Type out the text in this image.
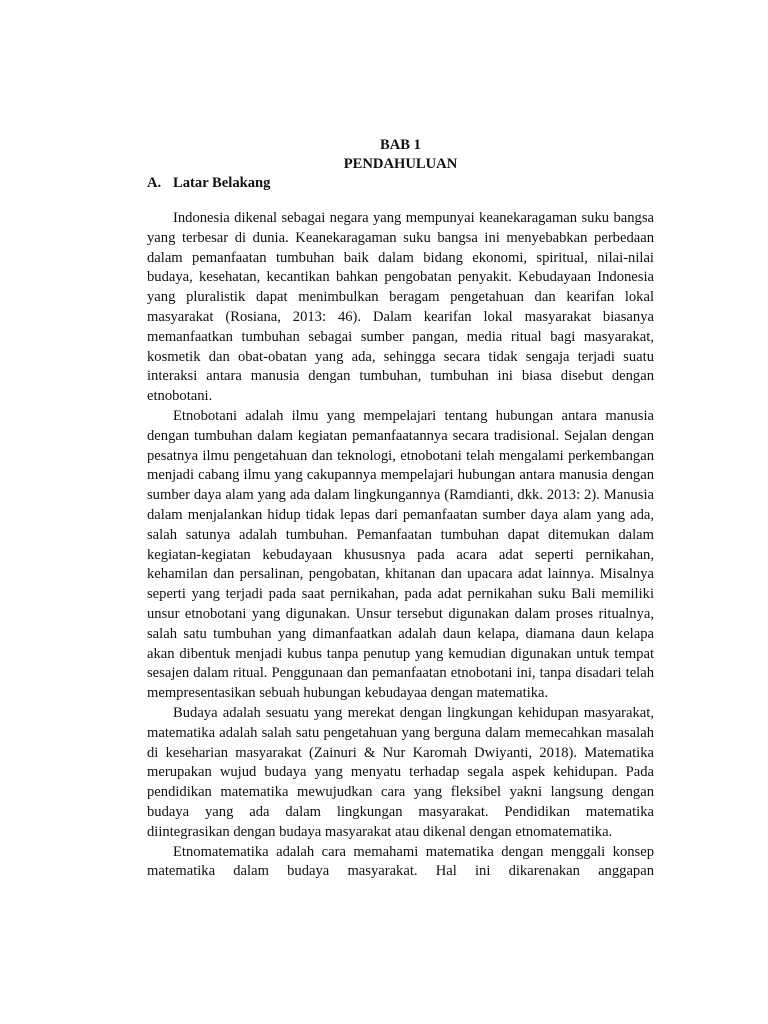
BAB 1

PENDAHULUAN

A. Latar Belakang

Indonesia dikenal sebagai negara yang mempunyai keanekaragaman suku bangsa yang terbesar di dunia. Keanekaragaman suku bangsa ini menyebabkan perbedaan dalam pemanfaatan tumbuhan baik dalam bidang ekonomi, spiritual, nilai-nilai budaya, kesehatan, kecantikan bahkan pengobatan penyakit. Kebudayaan Indonesia yang pluralistik dapat menimbulkan beragam pengetahuan dan kearifan lokal masyarakat (Rosiana, 2013: 46). Dalam kearifan lokal masyarakat biasanya memanfaatkan tumbuhan sebagai sumber pangan, media ritual bagi masyarakat, kosmetik dan obat-obatan yang ada, sehingga secara tidak sengaja terjadi suatu interaksi antara manusia dengan tumbuhan, tumbuhan ini biasa disebut dengan etnobotani.

Etnobotani adalah ilmu yang mempelajari tentang hubungan antara manusia dengan tumbuhan dalam kegiatan pemanfaatannya secara tradisional. Sejalan dengan pesatnya ilmu pengetahuan dan teknologi, etnobotani telah mengalami perkembangan menjadi cabang ilmu yang cakupannya mempelajari hubungan antara manusia dengan sumber daya alam yang ada dalam lingkungannya (Ramdianti, dkk. 2013: 2). Manusia dalam menjalankan hidup tidak lepas dari pemanfaatan sumber daya alam yang ada, salah satunya adalah tumbuhan. Pemanfaatan tumbuhan dapat ditemukan dalam kegiatan-kegiatan kebudayaan khususnya pada acara adat seperti pernikahan, kehamilan dan persalinan, pengobatan, khitanan dan upacara adat lainnya. Misalnya seperti yang terjadi pada saat pernikahan, pada adat pernikahan suku Bali memiliki unsur etnobotani yang digunakan. Unsur tersebut digunakan dalam proses ritualnya, salah satu tumbuhan yang dimanfaatkan adalah daun kelapa, diamana daun kelapa akan dibentuk menjadi kubus tanpa penutup yang kemudian digunakan untuk tempat sesajen dalam ritual. Penggunaan dan pemanfaatan etnobotani ini, tanpa disadari telah mempresentasikan sebuah hubungan kebudayaa dengan matematika.

Budaya adalah sesuatu yang merekat dengan lingkungan kehidupan masyarakat, matematika adalah salah satu pengetahuan yang berguna dalam memecahkan masalah di keseharian masyarakat (Zainuri & Nur Karomah Dwiyanti, 2018). Matematika merupakan wujud budaya yang menyatu terhadap segala aspek kehidupan. Pada pendidikan matematika mewujudkan cara yang fleksibel yakni langsung dengan budaya yang ada dalam lingkungan masyarakat. Pendidikan matematika diintegrasikan dengan budaya masyarakat atau dikenal dengan etnomatematika.

Etnomatematika adalah cara memahami matematika dengan menggali konsep matematika dalam budaya masyarakat. Hal ini dikarenakan anggapan
